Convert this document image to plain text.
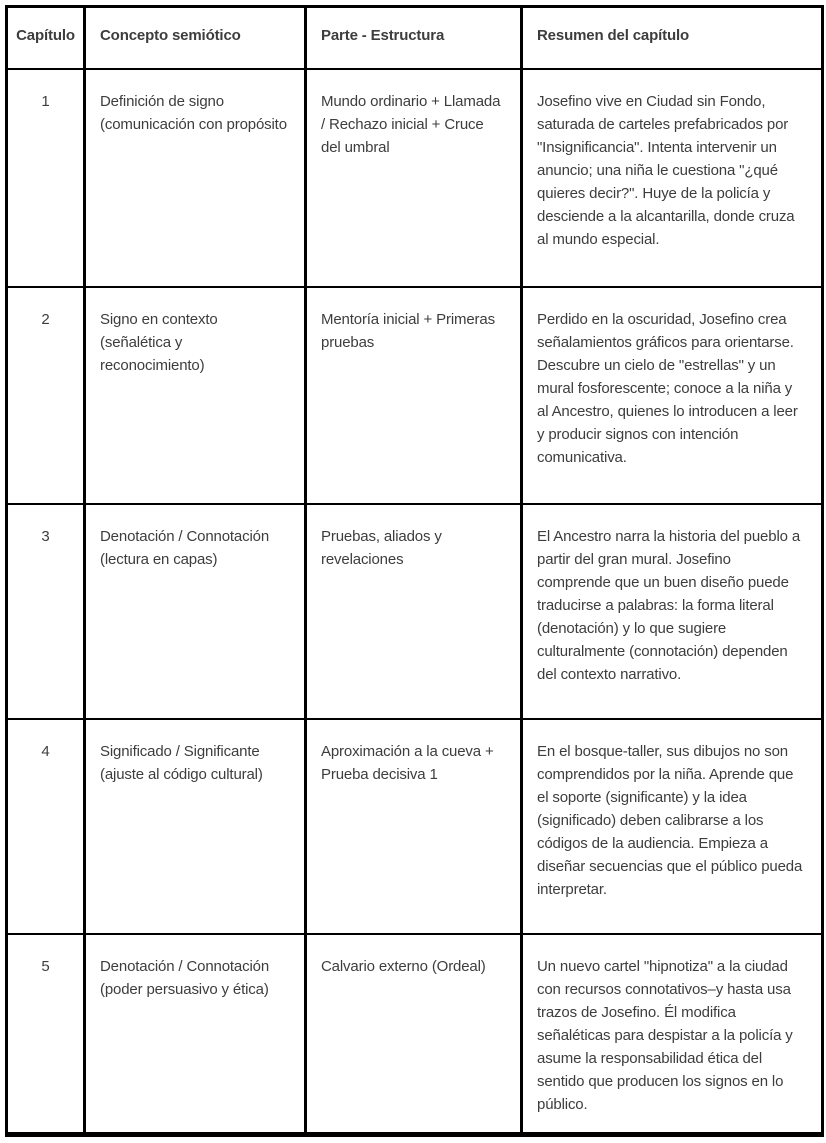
Capítulo	Concepto semiótico	Parte - Estructura	Resumen del capítulo
1	Definición de signo (comunicación con propósito	Mundo ordinario + Llamada / Rechazo inicial + Cruce del umbral	Josefino vive en Ciudad sin Fondo, saturada de carteles prefabricados por "Insignificancia". Intenta intervenir un anuncio; una niña le cuestiona "¿qué quieres decir?". Huye de la policía y desciende a la alcantarilla, donde cruza al mundo especial.
2	Signo en contexto (señalética y reconocimiento)	Mentoría inicial + Primeras pruebas	Perdido en la oscuridad, Josefino crea señalamientos gráficos para orientarse. Descubre un cielo de "estrellas" y un mural fosforescente; conoce a la niña y al Ancestro, quienes lo introducen a leer y producir signos con intención comunicativa.
3	Denotación / Connotación (lectura en capas)	Pruebas, aliados y revelaciones	El Ancestro narra la historia del pueblo a partir del gran mural. Josefino comprende que un buen diseño puede traducirse a palabras: la forma literal (denotación) y lo que sugiere culturalmente (connotación) dependen del contexto narrativo.
4	Significado / Significante (ajuste al código cultural)	Aproximación a la cueva + Prueba decisiva 1	En el bosque-taller, sus dibujos no son comprendidos por la niña. Aprende que el soporte (significante) y la idea (significado) deben calibrarse a los códigos de la audiencia. Empieza a diseñar secuencias que el público pueda interpretar.
5	Denotación / Connotación (poder persuasivo y ética)	Calvario externo (Ordeal)	Un nuevo cartel "hipnotiza" a la ciudad con recursos connotativos–y hasta usa trazos de Josefino. Él modifica señaléticas para despistar a la policía y asume la responsabilidad ética del sentido que producen los signos en lo público.
